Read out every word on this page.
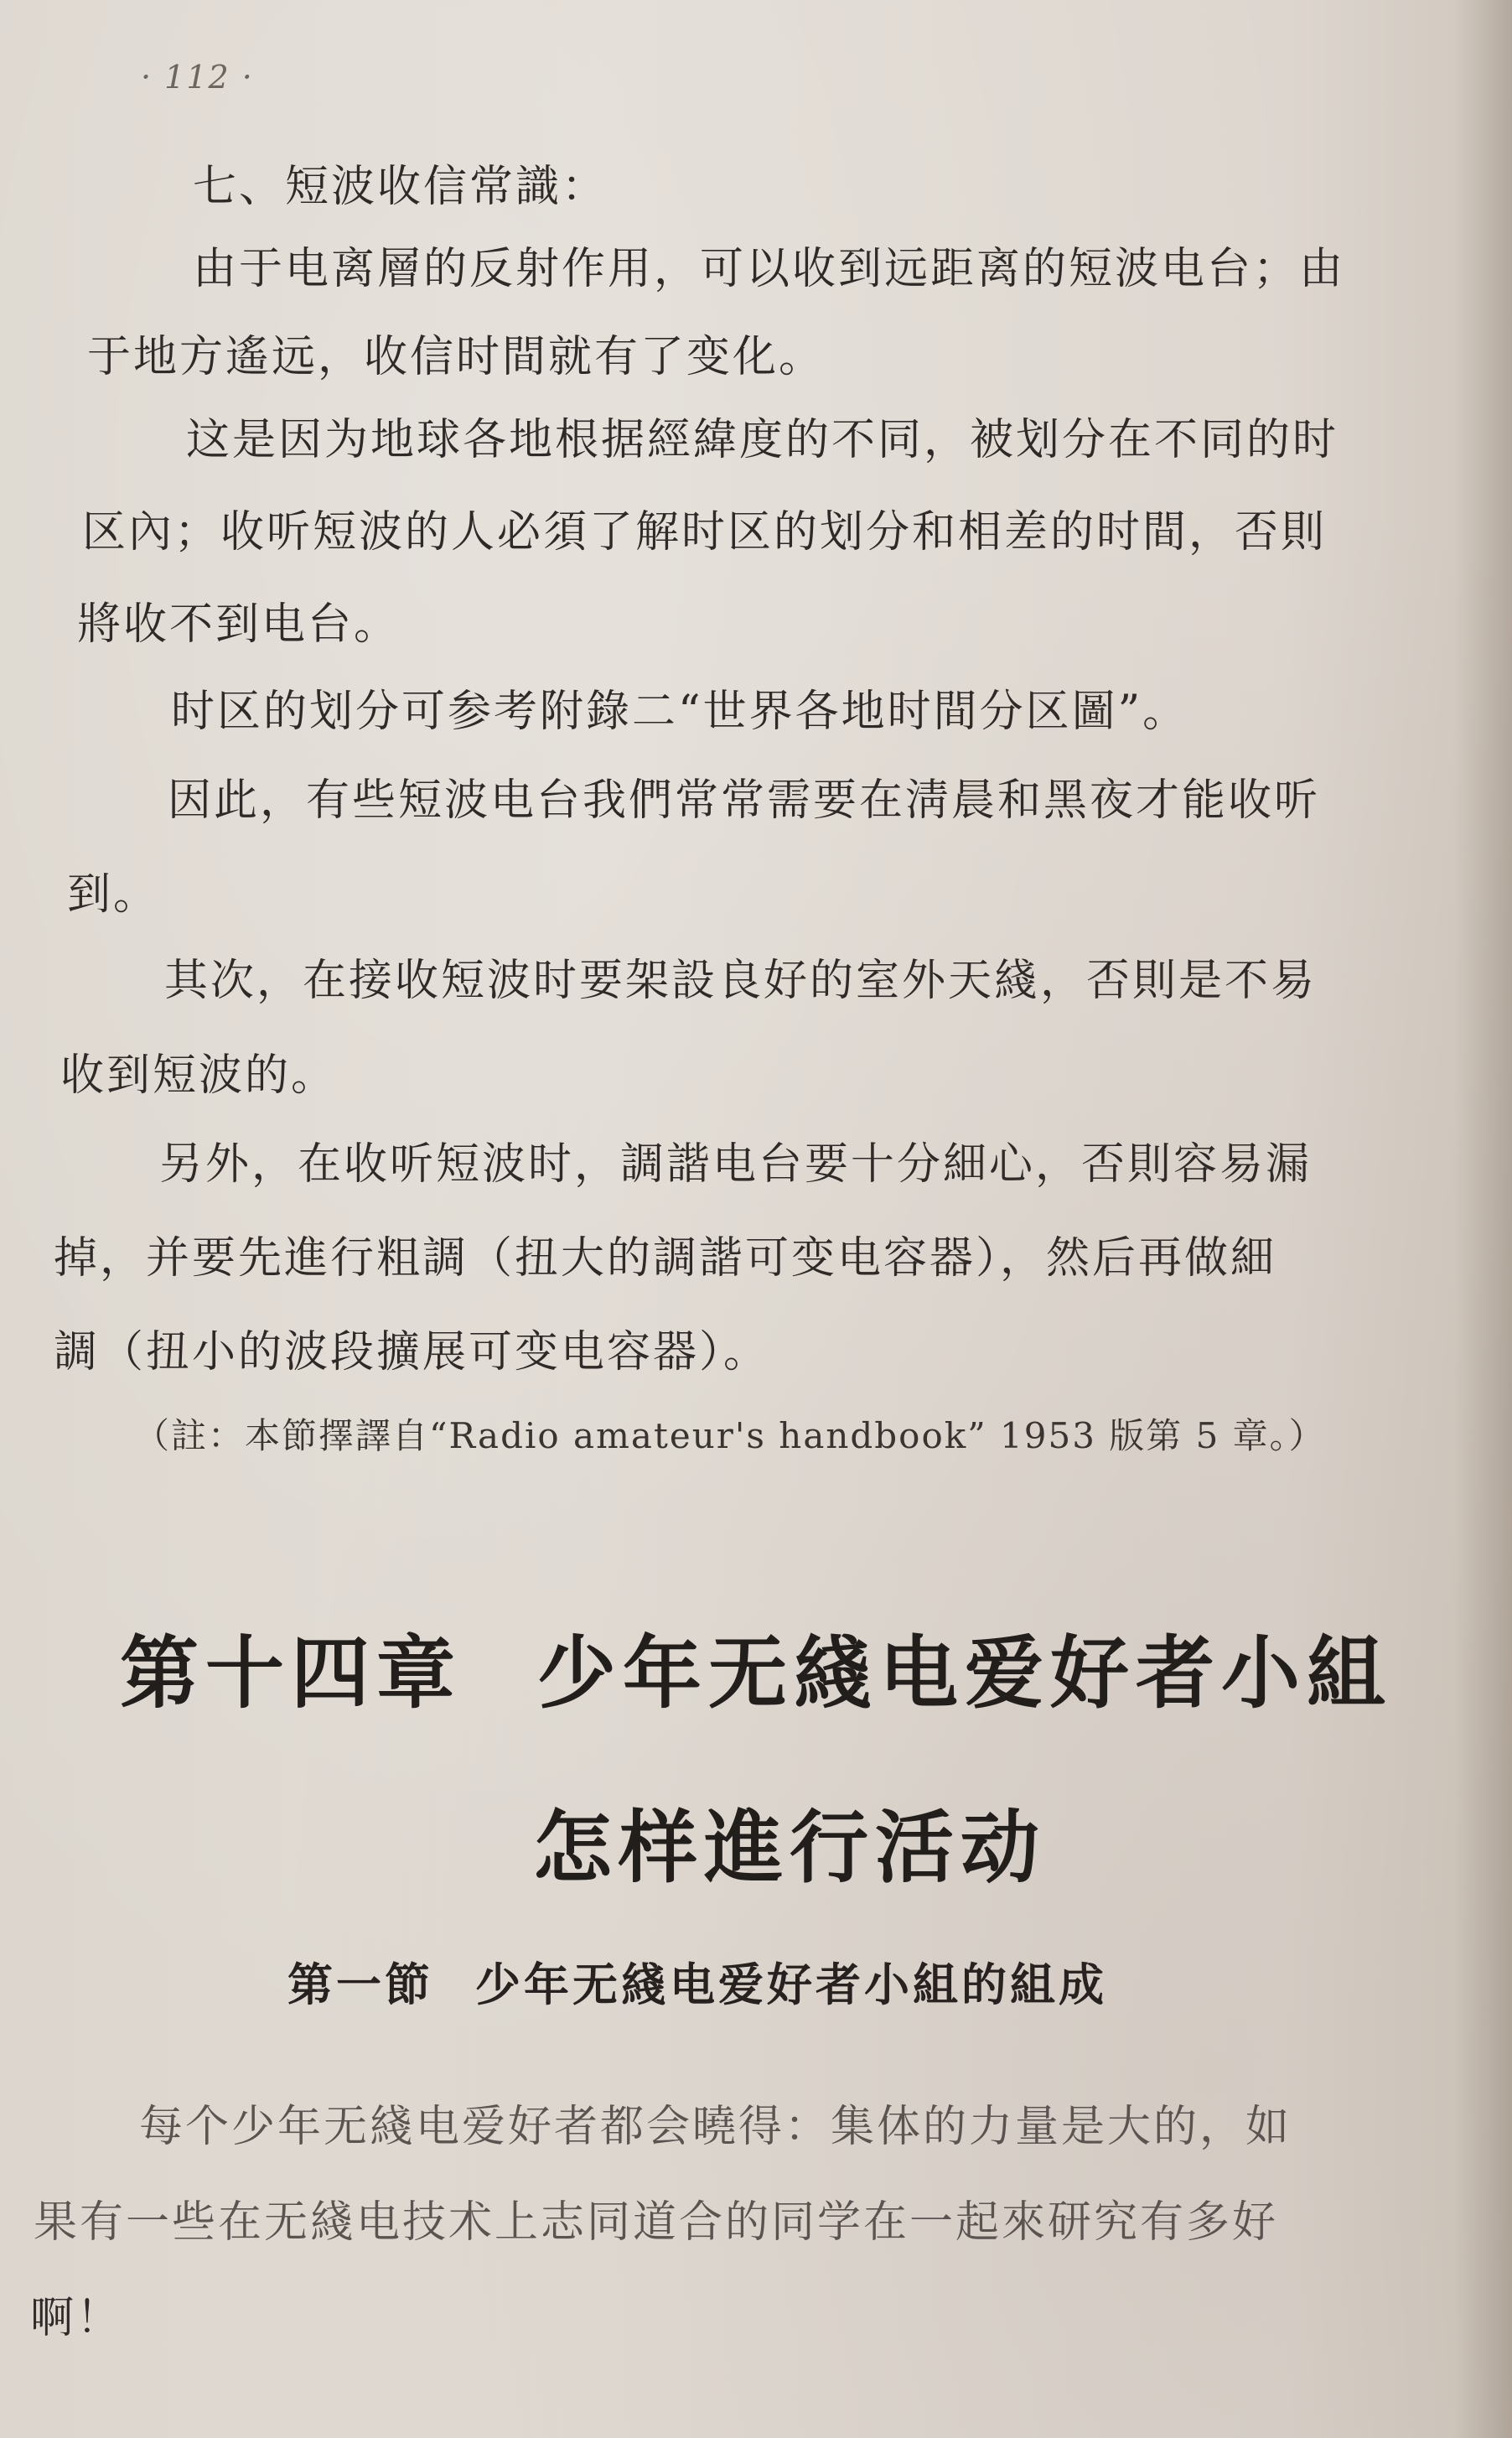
· 112 ·
七、短波收信常識：
由于电离層的反射作用，可以收到远距离的短波电台；由
于地方遙远，收信时間就有了变化。
这是因为地球各地根据經緯度的不同，被划分在不同的时
区內；收听短波的人必須了解时区的划分和相差的时間，否則
將收不到电台。
时区的划分可参考附錄二“世界各地时間分区圖”。
因此，有些短波电台我們常常需要在淸晨和黑夜才能收听
到。
其次，在接收短波时要架設良好的室外天綫，否則是不易
收到短波的。
另外，在收听短波时，調諧电台要十分細心，否則容易漏
掉，并要先進行粗調（扭大的調諧可变电容器），然后再做細
調（扭小的波段擴展可变电容器）。
（註：本節擇譯自“Radio amateur's handbook” 1953 版第 5 章。）
第十四章 少年无綫电爱好者小組
怎样進行活动
第一節 少年无綫电爱好者小組的組成
每个少年无綫电爱好者都会曉得：集体的力量是大的，如
果有一些在无綫电技术上志同道合的同学在一起來研究有多好
啊！
